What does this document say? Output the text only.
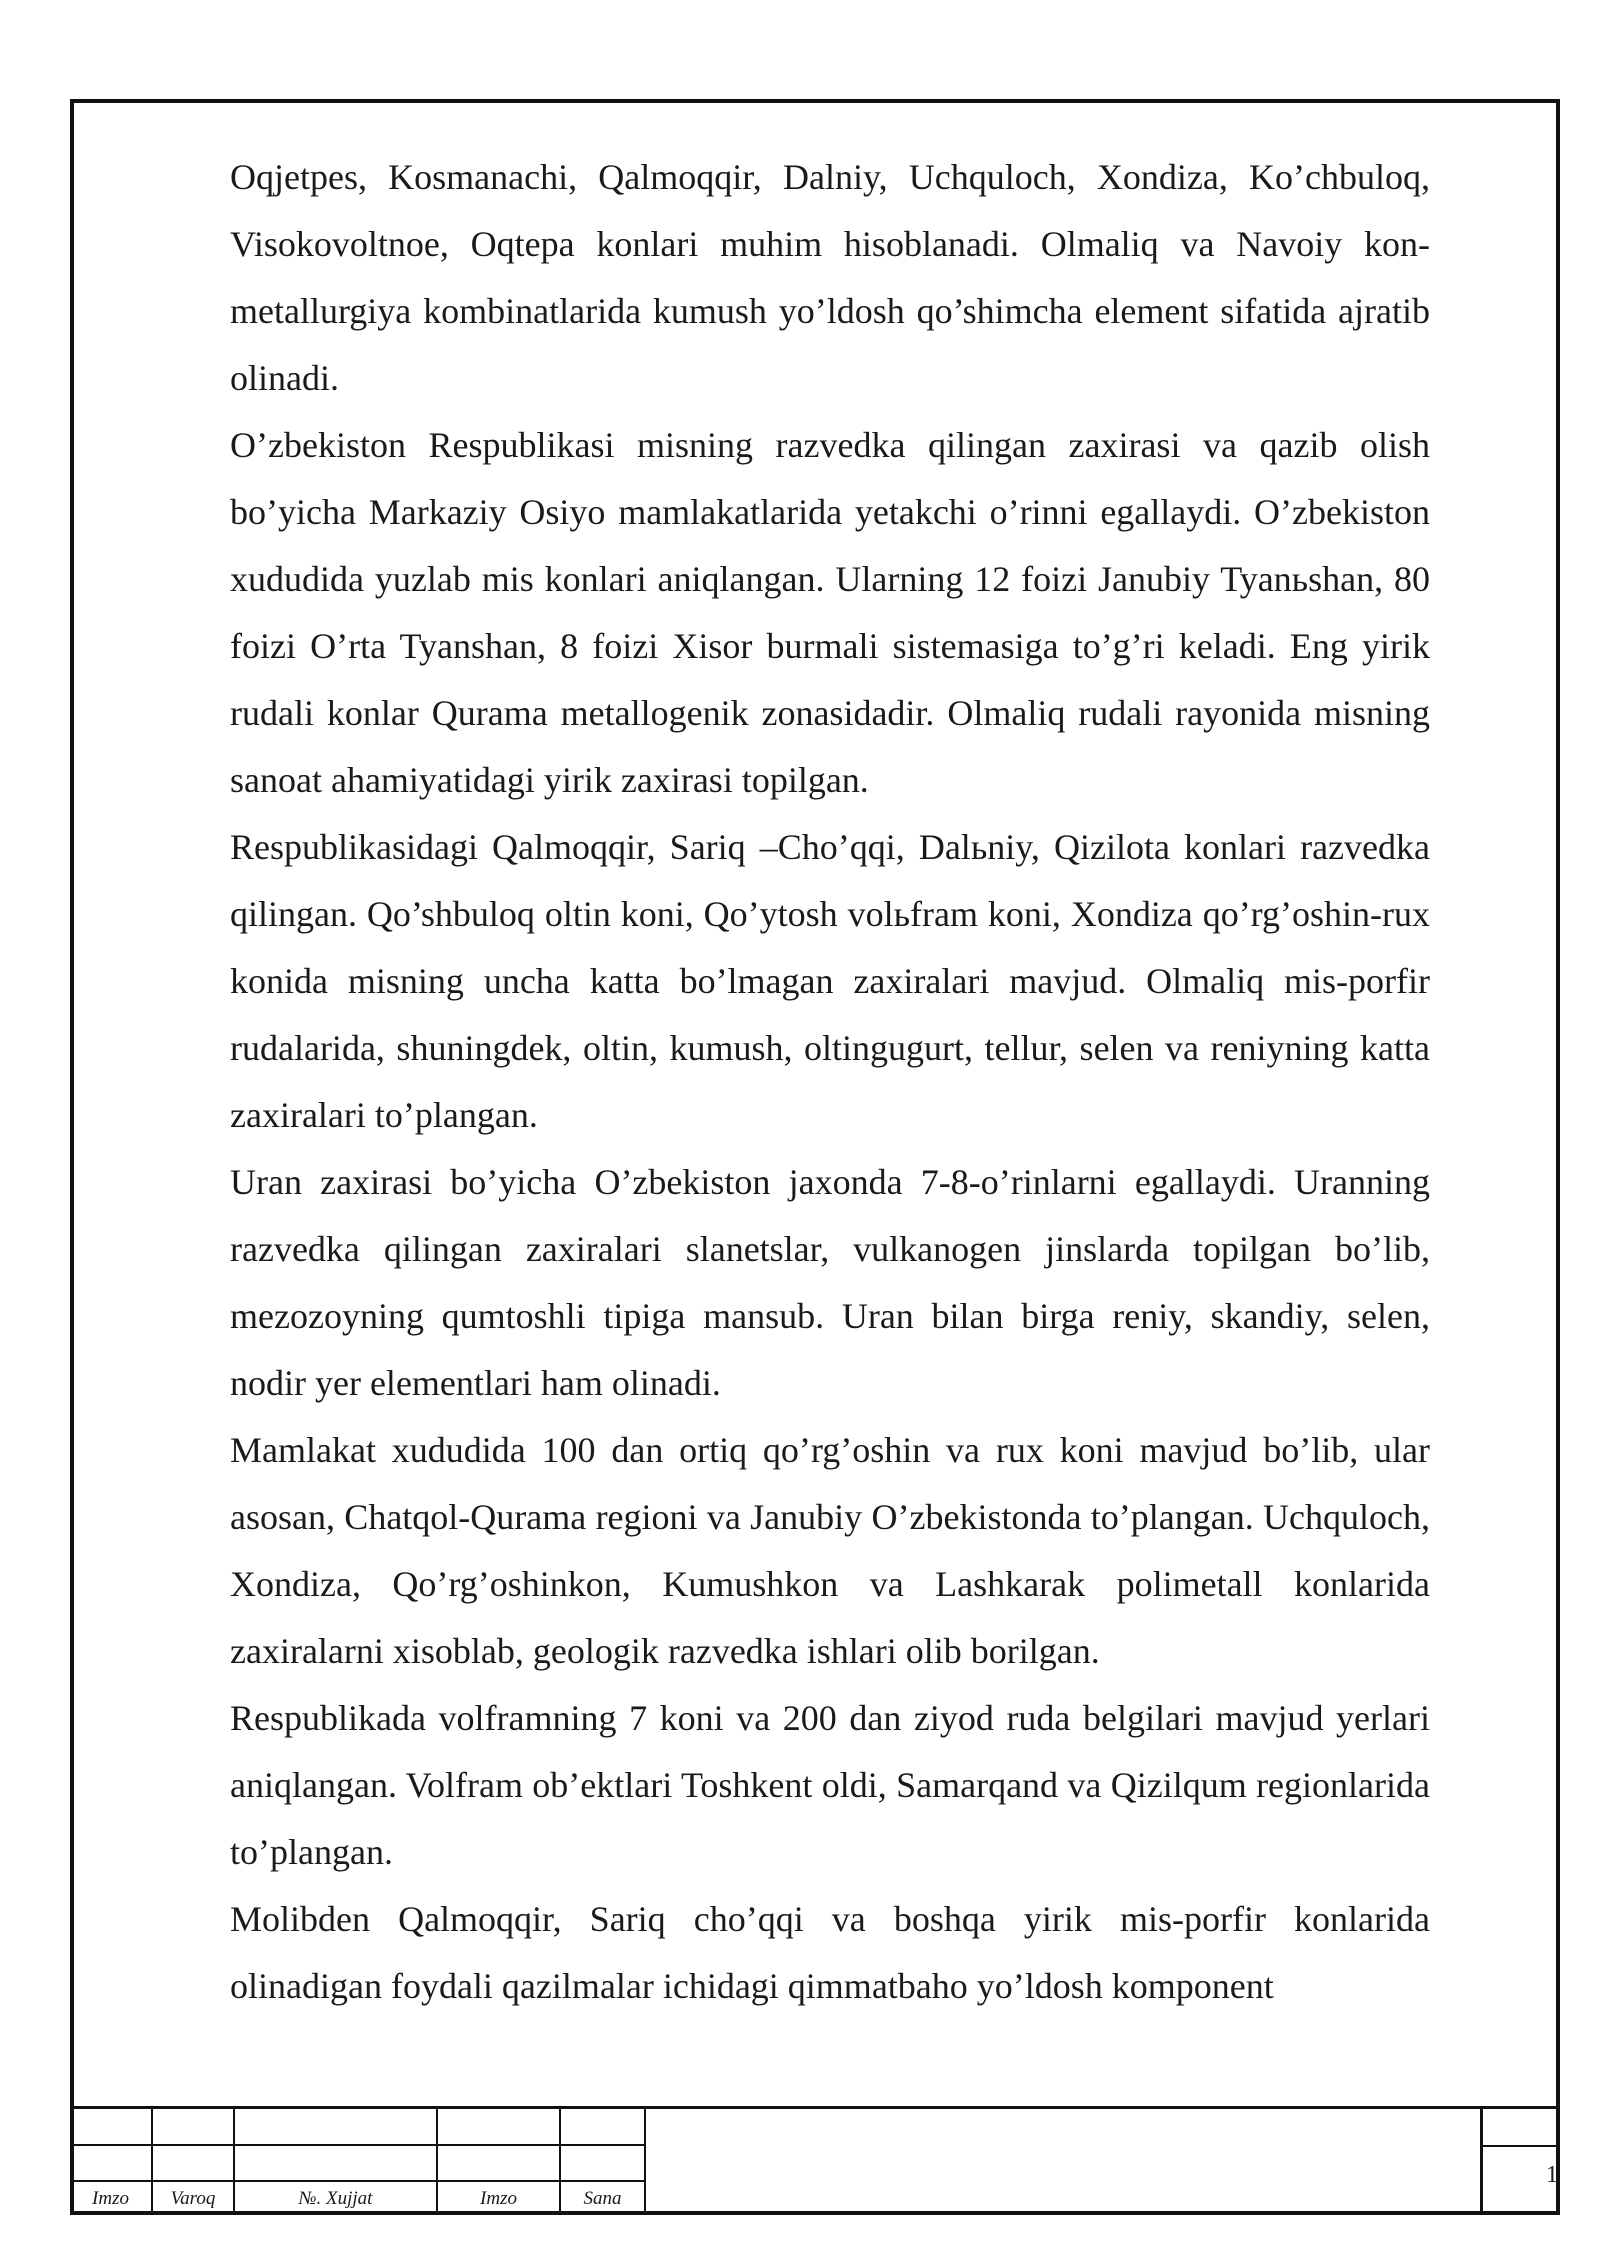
Oqjetpes, Kosmanachi, Qalmoqqir, Dalniy, Uchquloch, Xondiza, Ko’chbuloq, Visokovoltnoe, Oqtepa konlari muhim hisoblanadi. Olmaliq va Navoiy kon-metallurgiya kombinatlarida kumush yo’ldosh qo’shimcha element sifatida ajratib olinadi.

O’zbekiston Respublikasi misning razvedka qilingan zaxirasi va qazib olish bo’yicha Markaziy Osiyo mamlakatlarida yetakchi o’rinni egallaydi. O’zbekiston xududida yuzlab mis konlari aniqlangan. Ularning 12 foizi Janubiy Tyanьshan, 80 foizi O’rta Tyanshan, 8 foizi Xisor burmali sistemasiga to’g’ri keladi. Eng yirik rudali konlar Qurama metallogenik zonasidadir. Olmaliq rudali rayonida misning sanoat ahamiyatidagi yirik zaxirasi topilgan.

Respublikasidagi Qalmoqqir, Sariq –Cho’qqi, Dalьniy, Qizilota konlari razvedka qilingan. Qo’shbuloq oltin koni, Qo’ytosh volьfram koni, Xondiza qo’rg’oshin-rux konida misning uncha katta bo’lmagan zaxiralari mavjud. Olmaliq mis-porfir rudalarida, shuningdek, oltin, kumush, oltingugurt, tellur, selen va reniyning katta zaxiralari to’plangan.

Uran zaxirasi bo’yicha O’zbekiston jaxonda 7-8-o’rinlarni egallaydi. Uranning razvedka qilingan zaxiralari slanetslar, vulkanogen jinslarda topilgan bo’lib, mezozoyning qumtoshli tipiga mansub. Uran bilan birga reniy, skandiy, selen, nodir yer elementlari ham olinadi.

Mamlakat xududida 100 dan ortiq qo’rg’oshin va rux koni mavjud bo’lib, ular asosan, Chatqol-Qurama regioni va Janubiy O’zbekistonda to’plangan. Uchquloch, Xondiza, Qo’rg’oshinkon, Kumushkon va Lashkarak polimetall konlarida zaxiralarni xisoblab, geologik razvedka ishlari olib borilgan.

Respublikada volframning 7 koni va 200 dan ziyod ruda belgilari mavjud yerlari aniqlangan. Volfram ob’ektlari Toshkent oldi, Samarqand va Qizilqum regionlarida to’plangan.

Molibden Qalmoqqir, Sariq cho’qqi va boshqa yirik mis-porfir konlarida olinadigan foydali qazilmalar ichidagi qimmatbaho yo’ldosh komponent

Imzo	Varoq	№. Xujjat	Imzo	Sana
1
